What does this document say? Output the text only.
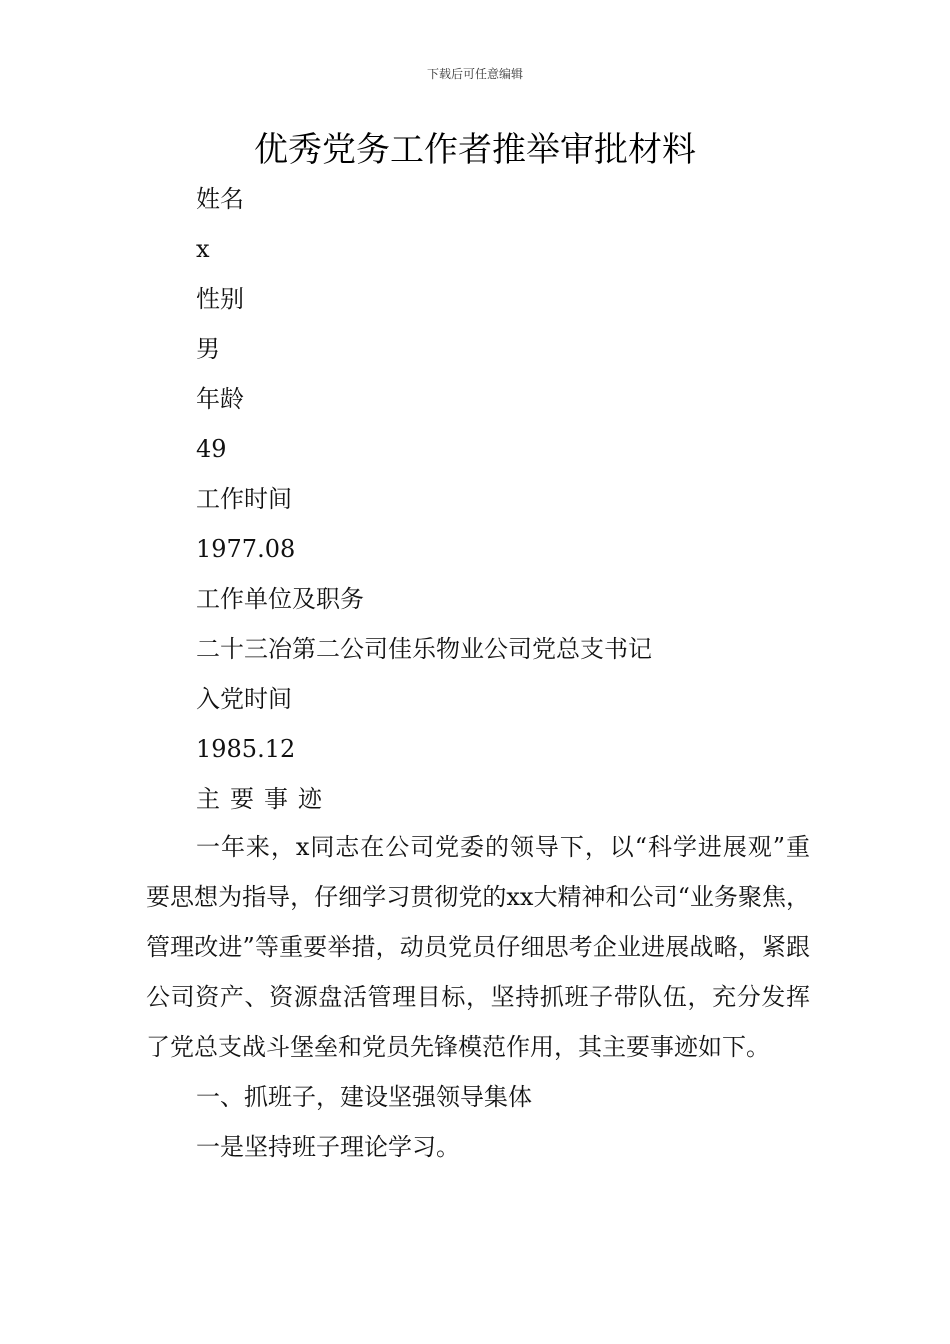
下载后可任意编辑
优秀党务工作者推举审批材料
姓名
x
性别
男
年龄
49
工作时间
1977.08
工作单位及职务
二十三冶第二公司佳乐物业公司党总支书记
入党时间
1985.12
主要事迹

一年来，x同志在公司党委的领导下，以“科学进展观”重要思想为指导，仔细学习贯彻党的xx大精神和公司“业务聚焦，管理改进”等重要举措，动员党员仔细思考企业进展战略，紧跟公司资产、资源盘活管理目标，坚持抓班子带队伍，充分发挥了党总支战斗堡垒和党员先锋模范作用，其主要事迹如下。

一、抓班子，建设坚强领导集体

一是坚持班子理论学习。
